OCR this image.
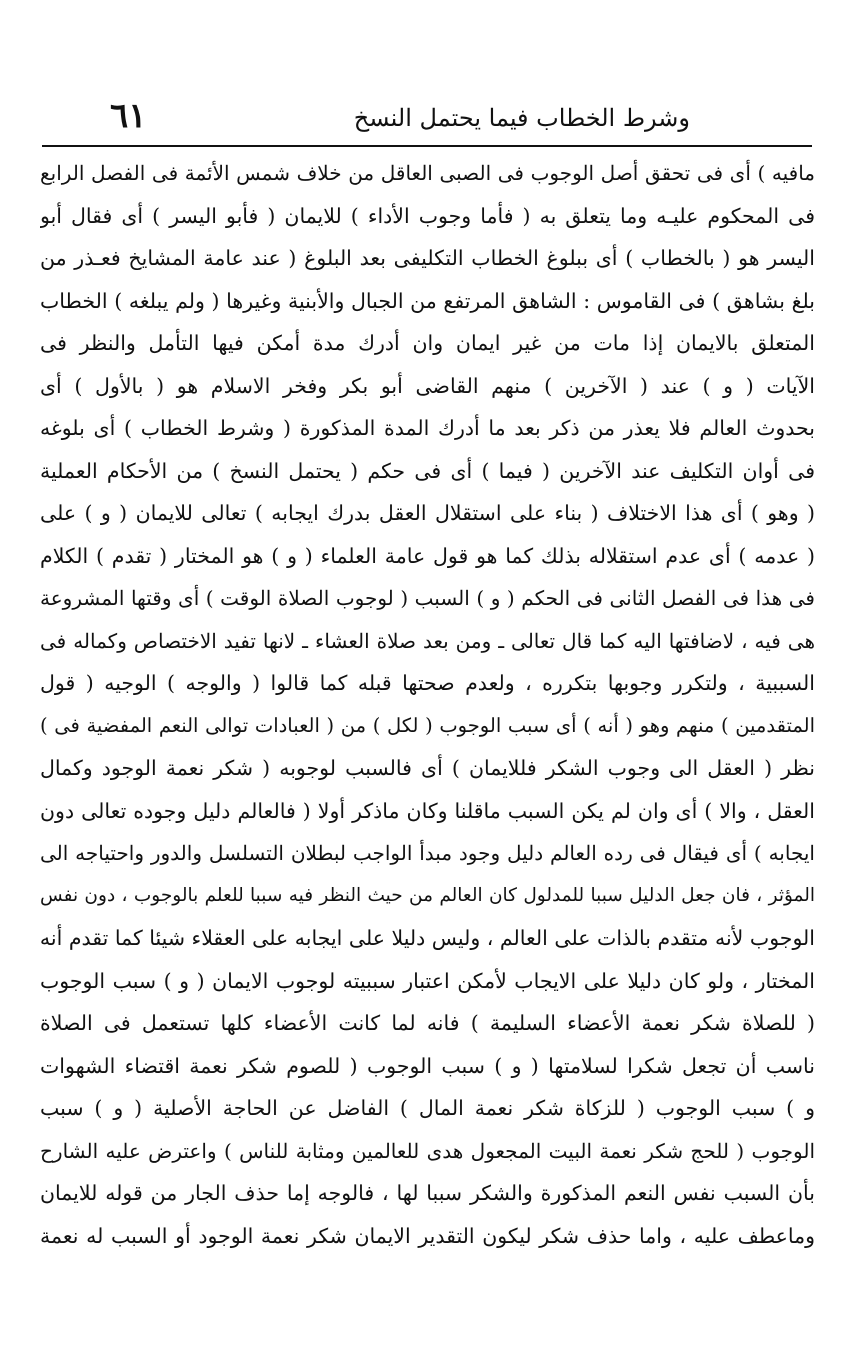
وشرط الخطاب فيما يحتمل النسخ
٦١
مافيه ) أى فى تحقق أصل الوجوب فى الصبى العاقل من خلاف شمس الأئمة فى الفصل الرابع
فى المحكوم عليـه وما يتعلق به ( فأما وجوب الأداء ) للايمان ( فأبو اليسر ) أى فقال أبو
اليسر هو ( بالخطاب ) أى ببلوغ الخطاب التكليفى بعد البلوغ ( عند عامة المشايخ فعـذر من
بلغ بشاهق ) فى القاموس : الشاهق المرتفع من الجبال والأبنية وغيرها ( ولم يبلغه ) الخطاب
المتعلق بالايمان إذا مات من غير ايمان وان أدرك مدة أمكن فيها التأمل والنظر فى
الآيات ( و ) عند ( الآخرين ) منهم القاضى أبو بكر وفخر الاسلام هو ( بالأول ) أى
بحدوث العالم فلا يعذر من ذكر بعد ما أدرك المدة المذكورة ( وشرط الخطاب ) أى بلوغه
فى أوان التكليف عند الآخرين ( فيما ) أى فى حكم ( يحتمل النسخ ) من الأحكام العملية
( وهو ) أى هذا الاختلاف ( بناء على استقلال العقل بدرك ايجابه ) تعالى للايمان ( و ) على
( عدمه ) أى عدم استقلاله بذلك كما هو قول عامة العلماء ( و ) هو المختار ( تقدم ) الكلام
فى هذا فى الفصل الثانى فى الحكم ( و ) السبب ( لوجوب الصلاة الوقت ) أى وقتها المشروعة
هى فيه ، لاضافتها اليه كما قال تعالى ـ ومن بعد صلاة العشاء ـ لانها تفيد الاختصاص وكماله فى
السببية ، ولتكرر وجوبها بتكرره ، ولعدم صحتها قبله كما قالوا ( والوجه ) الوجيه ( قول
المتقدمين ) منهم وهو ( أنه ) أى سبب الوجوب ( لكل ) من ( العبادات توالى النعم المفضية فى )
نظر ( العقل الى وجوب الشكر فللايمان ) أى فالسبب لوجوبه ( شكر نعمة الوجود وكمال
العقل ، والا ) أى وان لم يكن السبب ماقلنا وكان ماذكر أولا ( فالعالم دليل وجوده تعالى دون
ايجابه ) أى فيقال فى رده العالم دليل وجود مبدأ الواجب لبطلان التسلسل والدور واحتياجه الى
المؤثر ، فان جعل الدليل سببا للمدلول كان العالم من حيث النظر فيه سببا للعلم بالوجوب ، دون نفس
الوجوب لأنه متقدم بالذات على العالم ، وليس دليلا على ايجابه على العقلاء شيئا كما تقدم أنه
المختار ، ولو كان دليلا على الايجاب لأمكن اعتبار سببيته لوجوب الايمان ( و ) سبب الوجوب
( للصلاة شكر نعمة الأعضاء السليمة ) فانه لما كانت الأعضاء كلها تستعمل فى الصلاة
ناسب أن تجعل شكرا لسلامتها ( و ) سبب الوجوب ( للصوم شكر نعمة اقتضاء الشهوات
و ) سبب الوجوب ( للزكاة شكر نعمة المال ) الفاضل عن الحاجة الأصلية ( و ) سبب
الوجوب ( للحج شكر نعمة البيت المجعول هدى للعالمين ومثابة للناس ) واعترض عليه الشارح
بأن السبب نفس النعم المذكورة والشكر سببا لها ، فالوجه إما حذف الجار من قوله للايمان
وماعطف عليه ، واما حذف شكر ليكون التقدير الايمان شكر نعمة الوجود أو السبب له نعمة
